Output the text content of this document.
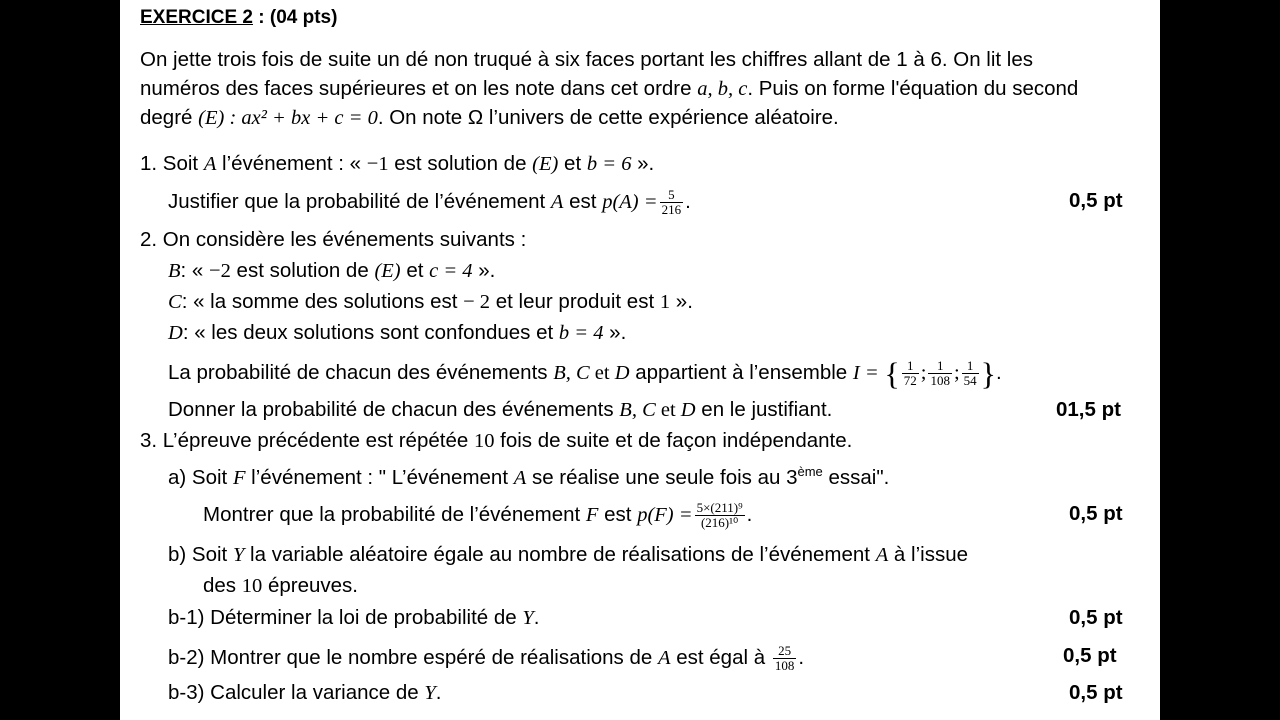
EXERCICE 2 : (04 pts)
On jette trois fois de suite un dé non truqué à six faces portant les chiffres allant de 1 à 6. On lit les
numéros des faces supérieures et on les note dans cet ordre a, b, c. Puis on forme l'équation du second
degré (E) : ax² + bx + c = 0. On note Ω l’univers de cette expérience aléatoire.
1. Soit A l’événement : « −1 est solution de (E) et b = 6 ».
Justifier que la probabilité de l’événement A est $p(A) = \frac{5}{216}$ .	0,5 pt
2. On considère les événements suivants :
B: « −2 est solution de (E) et c = 4 ».
C: « la somme des solutions est − 2 et leur produit est 1 ».
D: « les deux solutions sont confondues et b = 4 ».
La probabilité de chacun des événements B, C et D appartient à l’ensemble I = { $\frac{1}{72}$ ; $\frac{1}{108}$ ; $\frac{1}{54}$ }.
Donner la probabilité de chacun des événements B, C et D en le justifiant.	01,5 pt
3. L’épreuve précédente est répétée 10 fois de suite et de façon indépendante.
a) Soit F l’événement : " L’événement A se réalise une seule fois au 3ème essai".
Montrer que la probabilité de l’événement F est $p(F) = \frac{\text{5×(211)⁹}}{\text{(216)¹⁰}}$ .	0,5 pt
b) Soit Y la variable aléatoire égale au nombre de réalisations de l’événement A à l’issue
des 10 épreuves.
b-1) Déterminer la loi de probabilité de Y.	0,5 pt
b-2) Montrer que le nombre espéré de réalisations de A est égal à $\frac{25}{108}$ .	0,5 pt
b-3) Calculer la variance de Y.	0,5 pt
